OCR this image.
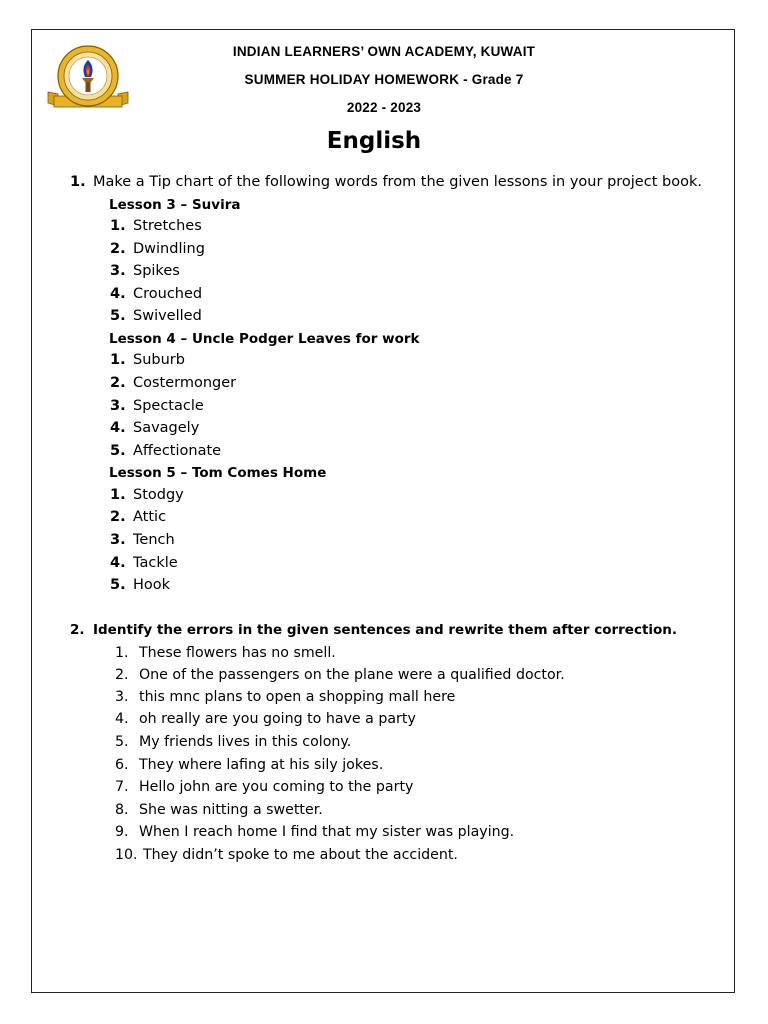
INDIAN LEARNERS’ OWN ACADEMY, KUWAIT
SUMMER HOLIDAY HOMEWORK - Grade 7
2022 - 2023
English
1. Make a Tip chart of the following words from the given lessons in your project book.
Lesson 3 – Suvira
1. Stretches
2. Dwindling
3. Spikes
4. Crouched
5. Swivelled
Lesson 4 – Uncle Podger Leaves for work
1. Suburb
2. Costermonger
3. Spectacle
4. Savagely
5. Affectionate
Lesson 5 – Tom Comes Home
1. Stodgy
2. Attic
3. Tench
4. Tackle
5. Hook
2. Identify the errors in the given sentences and rewrite them after correction.
1. These flowers has no smell.
2. One of the passengers on the plane were a qualified doctor.
3. this mnc plans to open a shopping mall here
4. oh really are you going to have a party
5. My friends lives in this colony.
6. They where lafing at his sily jokes.
7. Hello john are you coming to the party
8. She was nitting a swetter.
9. When I reach home I find that my sister was playing.
10. They didn’t spoke to me about the accident.
